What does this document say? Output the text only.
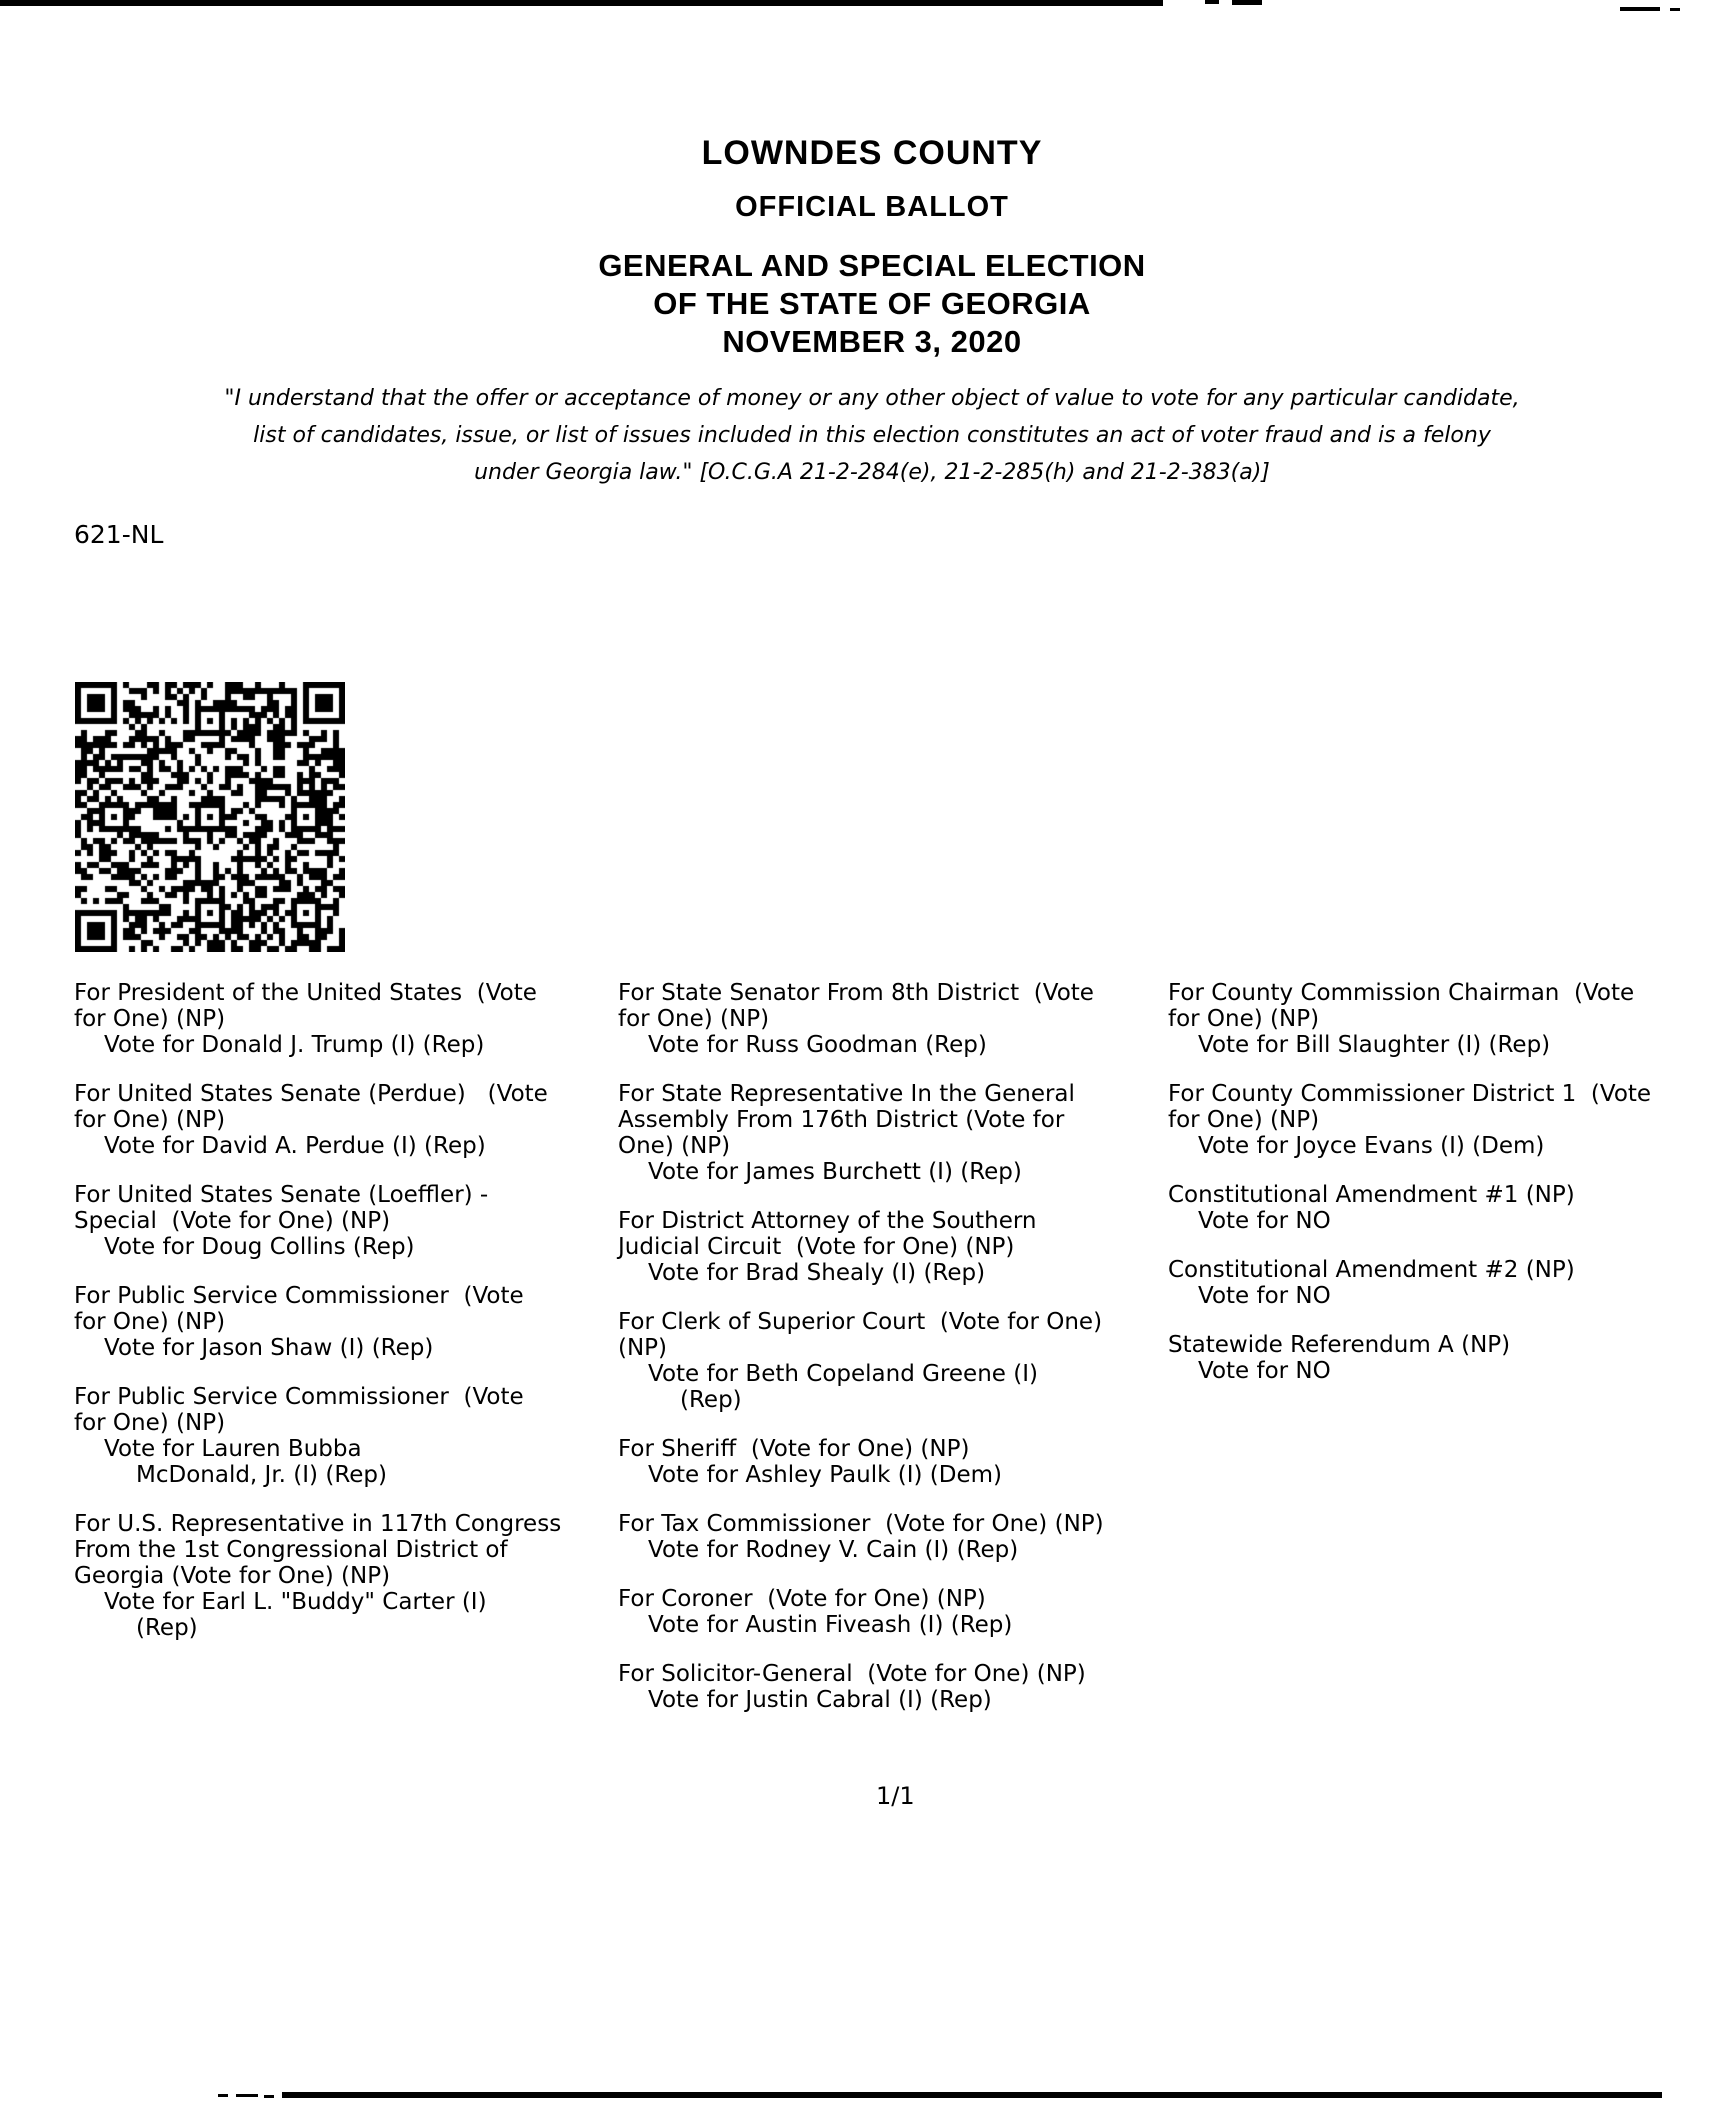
LOWNDES COUNTY
OFFICIAL BALLOT
GENERAL AND SPECIAL ELECTION
OF THE STATE OF GEORGIA
NOVEMBER 3, 2020
"I understand that the offer or acceptance of money or any other object of value to vote for any particular candidate,
list of candidates, issue, or list of issues included in this election constitutes an act of voter fraud and is a felony
under Georgia law." [O.C.G.A 21-2-284(e), 21-2-285(h) and 21-2-383(a)]
621-NL
For President of the United States  (Vote
for One) (NP)
Vote for Donald J. Trump (I) (Rep)
For United States Senate (Perdue)   (Vote
for One) (NP)
Vote for David A. Perdue (I) (Rep)
For United States Senate (Loeffler) -
Special  (Vote for One) (NP)
Vote for Doug Collins (Rep)
For Public Service Commissioner  (Vote
for One) (NP)
Vote for Jason Shaw (I) (Rep)
For Public Service Commissioner  (Vote
for One) (NP)
Vote for Lauren Bubba
McDonald, Jr. (I) (Rep)
For U.S. Representative in 117th Congress
From the 1st Congressional District of
Georgia (Vote for One) (NP)
Vote for Earl L. "Buddy" Carter (I)
(Rep)
For State Senator From 8th District  (Vote
for One) (NP)
Vote for Russ Goodman (Rep)
For State Representative In the General
Assembly From 176th District (Vote for
One) (NP)
Vote for James Burchett (I) (Rep)
For District Attorney of the Southern
Judicial Circuit  (Vote for One) (NP)
Vote for Brad Shealy (I) (Rep)
For Clerk of Superior Court  (Vote for One)
(NP)
Vote for Beth Copeland Greene (I)
(Rep)
For Sheriff  (Vote for One) (NP)
Vote for Ashley Paulk (I) (Dem)
For Tax Commissioner  (Vote for One) (NP)
Vote for Rodney V. Cain (I) (Rep)
For Coroner  (Vote for One) (NP)
Vote for Austin Fiveash (I) (Rep)
For Solicitor-General  (Vote for One) (NP)
Vote for Justin Cabral (I) (Rep)
For County Commission Chairman  (Vote
for One) (NP)
Vote for Bill Slaughter (I) (Rep)
For County Commissioner District 1  (Vote
for One) (NP)
Vote for Joyce Evans (I) (Dem)
Constitutional Amendment #1 (NP)
Vote for NO
Constitutional Amendment #2 (NP)
Vote for NO
Statewide Referendum A (NP)
Vote for NO
1/1
